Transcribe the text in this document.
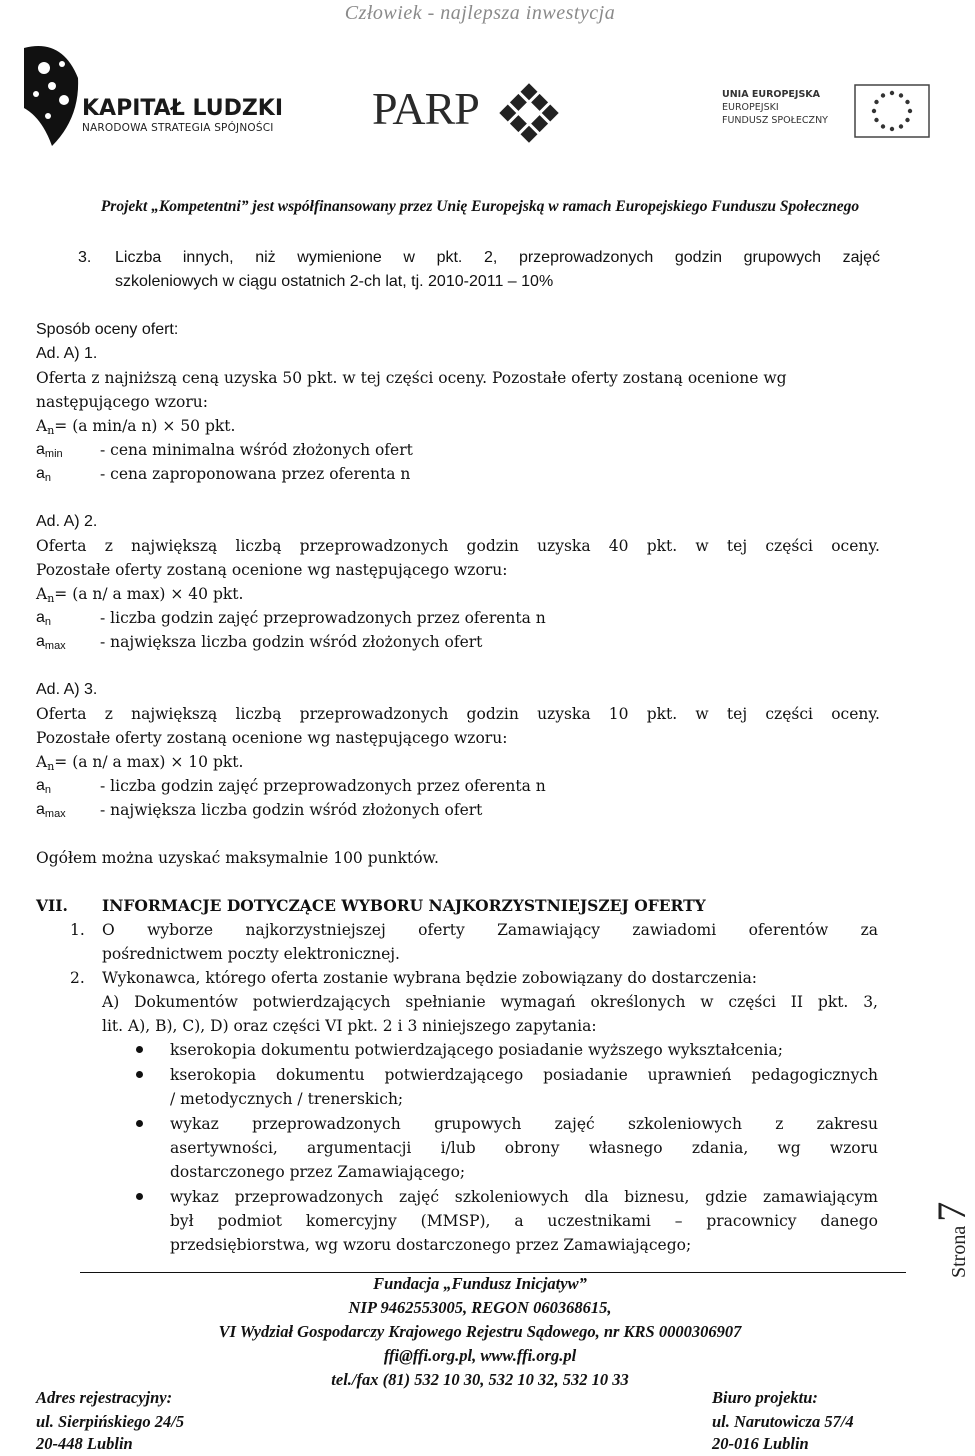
Człowiek - najlepsza inwestycja
KAPITAŁ LUDZKI
NARODOWA STRATEGIA SPÓJNOŚCI PARP	UNIA EUROPEJSKA
EUROPEJSKI
FUNDUSZ SPOŁECZNY
Projekt „Kompetentni” jest współfinansowany przez Unię Europejską w ramach Europejskiego Funduszu Społecznego
3. Liczba innych, niż wymienione w pkt. 2, przeprowadzonych godzin grupowych zajęć
szkoleniowych w ciągu ostatnich 2-ch lat, tj. 2010-2011 – 10%
Sposób oceny ofert:
Ad. A) 1.
Oferta z najniższą ceną uzyska 50 pkt. w tej części oceny. Pozostałe oferty zostaną ocenione wg
następującego wzoru:
An= (a min/a n) × 50 pkt.
amin - cena minimalna wśród złożonych ofert
an	- cena zaproponowana przez oferenta n
Ad. A) 2.
Oferta z największą liczbą przeprowadzonych godzin uzyska 40 pkt. w tej części oceny.
Pozostałe oferty zostaną ocenione wg następującego wzoru:
An= (a n/ a max) × 40 pkt.
an	- liczba godzin zajęć przeprowadzonych przez oferenta n
amax - największa liczba godzin wśród złożonych ofert
Ad. A) 3.
Oferta z największą liczbą przeprowadzonych godzin uzyska 10 pkt. w tej części oceny.
Pozostałe oferty zostaną ocenione wg następującego wzoru:
An= (a n/ a max) × 10 pkt.
an	- liczba godzin zajęć przeprowadzonych przez oferenta n
amax - największa liczba godzin wśród złożonych ofert
Ogółem można uzyskać maksymalnie 100 punktów.
VII. INFORMACJE DOTYCZĄCE WYBORU NAJKORZYSTNIEJSZEJ OFERTY
1. O wyborze najkorzystniejszej oferty Zamawiający zawiadomi oferentów za
pośrednictwem poczty elektronicznej.
2. Wykonawca, którego oferta zostanie wybrana będzie zobowiązany do dostarczenia:
A) Dokumentów potwierdzających spełnianie wymagań określonych w części II pkt. 3,
lit. A), B), C), D) oraz części VI pkt. 2 i 3 niniejszego zapytania:
kserokopia dokumentu potwierdzającego posiadanie wyższego wykształcenia;
kserokopia dokumentu potwierdzającego posiadanie uprawnień pedagogicznych
/ metodycznych / trenerskich;
wykaz przeprowadzonych grupowych zajęć szkoleniowych z zakresu
asertywności, argumentacji i/lub obrony własnego zdania, wg wzoru
dostarczonego przez Zamawiającego;
wykaz przeprowadzonych zajęć szkoleniowych dla biznesu, gdzie zamawiającym
był podmiot komercyjny (MMSP), a uczestnikami – pracownicy danego
przedsiębiorstwa, wg wzoru dostarczonego przez Zamawiającego;	Strona 7
Fundacja „Fundusz Inicjatyw”
NIP 9462553005, REGON 060368615,
VI Wydział Gospodarczy Krajowego Rejestru Sądowego, nr KRS 0000306907
ffi@ffi.org.pl, www.ffi.org.pl
tel./fax (81) 532 10 30, 532 10 32, 532 10 33
Adres rejestracyjny:
ul. Sierpińskiego 24/5
20-448 Lublin
Biuro projektu:
ul. Narutowicza 57/4
20-016 Lublin
